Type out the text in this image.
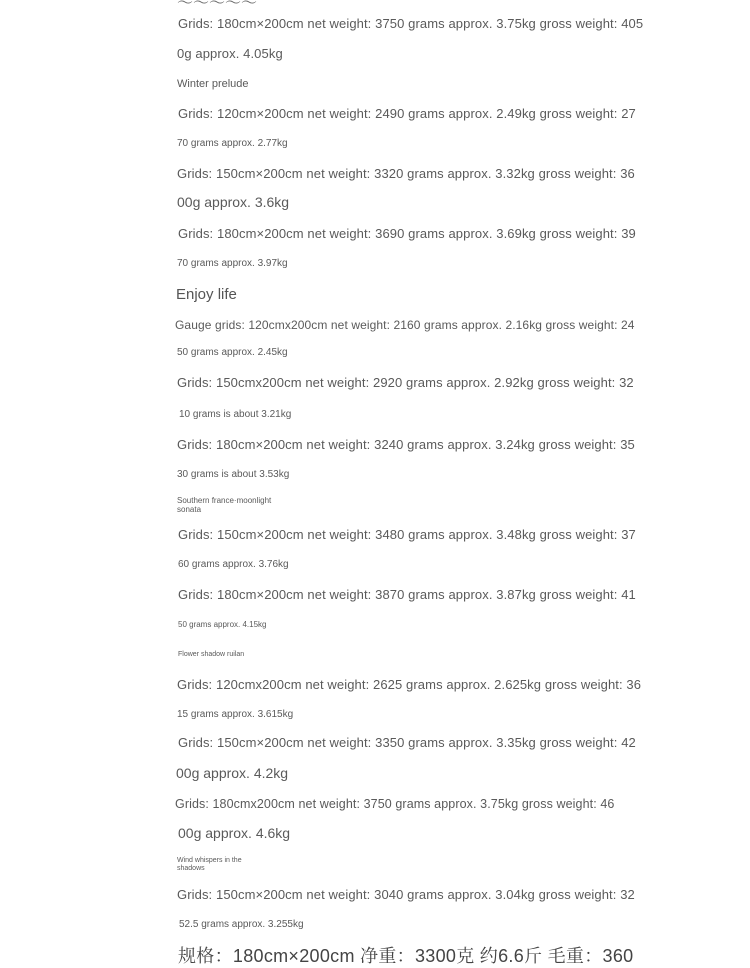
〜〜〜〜〜
Grids: 180cm×200cm net weight: 3750 grams approx. 3.75kg gross weight: 405
0g approx. 4.05kg
Winter prelude
Grids: 120cm×200cm net weight: 2490 grams approx. 2.49kg gross weight: 27
70 grams approx. 2.77kg
Grids: 150cm×200cm net weight: 3320 grams approx. 3.32kg gross weight: 36
00g approx. 3.6kg
Grids: 180cm×200cm net weight: 3690 grams approx. 3.69kg gross weight: 39
70 grams approx. 3.97kg
Enjoy life
Gauge grids: 120cmx200cm net weight: 2160 grams approx. 2.16kg gross weight: 24
50 grams approx. 2.45kg
Grids: 150cmx200cm net weight: 2920 grams approx. 2.92kg gross weight: 32
10 grams is about 3.21kg
Grids: 180cm×200cm net weight: 3240 grams approx. 3.24kg gross weight: 35
30 grams is about 3.53kg
Southern france·moonlight
sonata
Grids: 150cm×200cm net weight: 3480 grams approx. 3.48kg gross weight: 37
60 grams approx. 3.76kg
Grids: 180cm×200cm net weight: 3870 grams approx. 3.87kg gross weight: 41
50 grams approx. 4.15kg
Flower shadow ruilan
Grids: 120cmx200cm net weight: 2625 grams approx. 2.625kg gross weight: 36
15 grams approx. 3.615kg
Grids: 150cm×200cm net weight: 3350 grams approx. 3.35kg gross weight: 42
00g approx. 4.2kg
Grids: 180cmx200cm net weight: 3750 grams approx. 3.75kg gross weight: 46
00g approx. 4.6kg
Wind whispers in the
shadows
Grids: 150cm×200cm net weight: 3040 grams approx. 3.04kg gross weight: 32
52.5 grams approx. 3.255kg
规格：180cm×200cm 净重：3300克 约6.6斤 毛重：360
